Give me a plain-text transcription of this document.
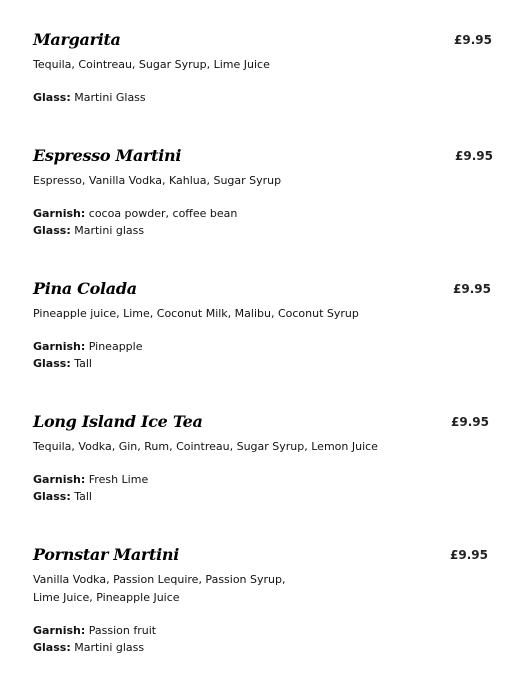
Margarita	£9.95
Tequila, Cointreau, Sugar Syrup, Lime Juice
Glass: Martini Glass
Espresso Martini	£9.95
Espresso, Vanilla Vodka, Kahlua, Sugar Syrup
Garnish: cocoa powder, coffee bean
Glass: Martini glass
Pina Colada	£9.95
Pineapple juice, Lime, Coconut Milk, Malibu, Coconut Syrup
Garnish: Pineapple
Glass: Tall
Long Island Ice Tea	£9.95
Tequila, Vodka, Gin, Rum, Cointreau, Sugar Syrup, Lemon Juice
Garnish: Fresh Lime
Glass: Tall
Pornstar Martini	£9.95
Vanilla Vodka, Passion Lequire, Passion Syrup,
Lime Juice, Pineapple Juice
Garnish: Passion fruit
Glass: Martini glass
